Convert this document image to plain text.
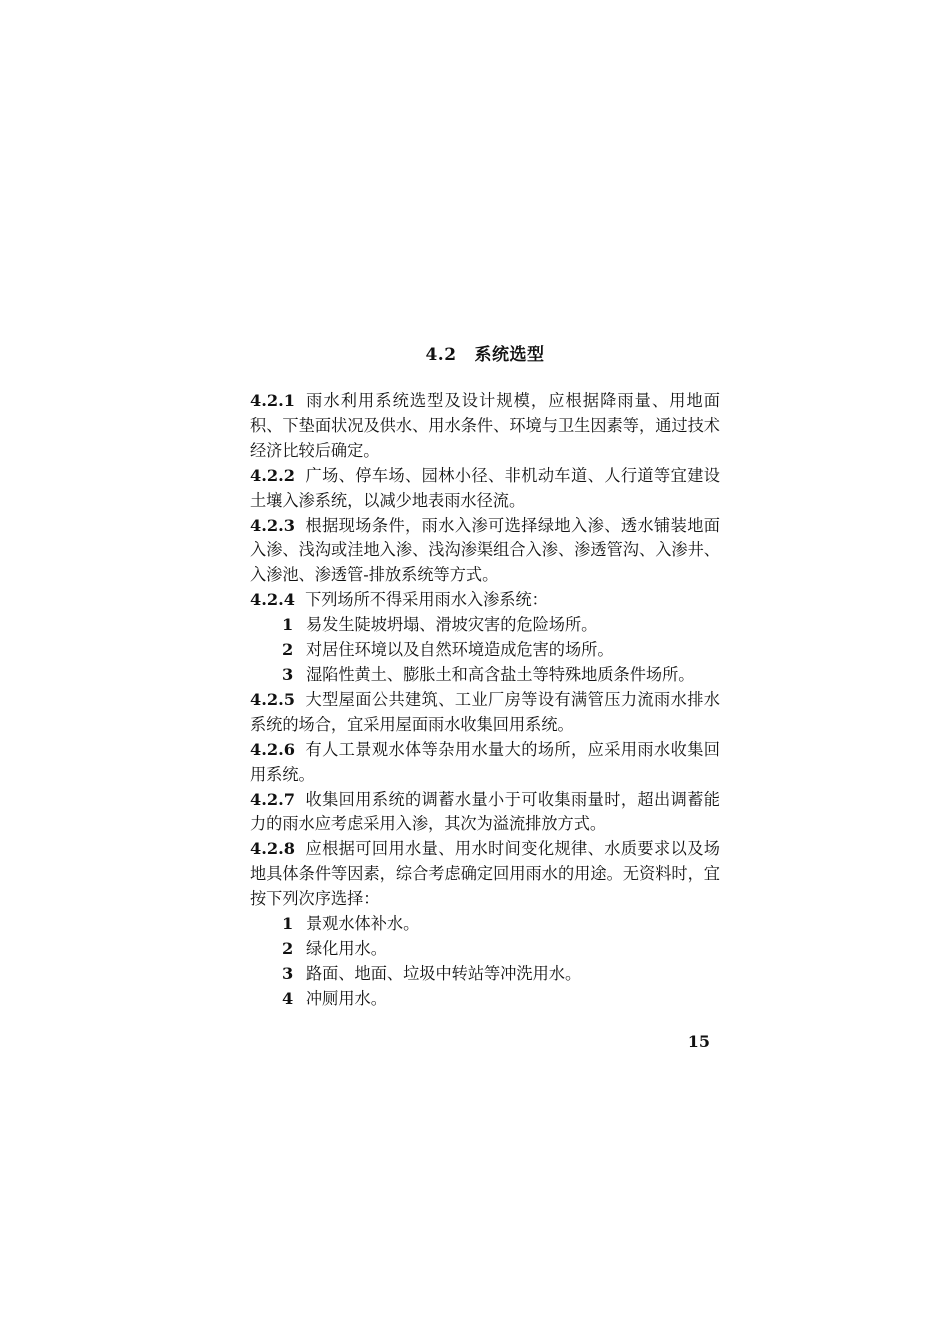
4.2 系统选型

4.2.1 雨水利用系统选型及设计规模，应根据降雨量、用地面积、下垫面状况及供水、用水条件、环境与卫生因素等，通过技术经济比较后确定。

4.2.2 广场、停车场、园林小径、非机动车道、人行道等宜建设土壤入渗系统，以减少地表雨水径流。

4.2.3 根据现场条件，雨水入渗可选择绿地入渗、透水铺装地面入渗、浅沟或洼地入渗、浅沟渗渠组合入渗、渗透管沟、入渗井、入渗池、渗透管-排放系统等方式。

4.2.4 下列场所不得采用雨水入渗系统：

1 易发生陡坡坍塌、滑坡灾害的危险场所。

2 对居住环境以及自然环境造成危害的场所。

3 湿陷性黄土、膨胀土和高含盐土等特殊地质条件场所。

4.2.5 大型屋面公共建筑、工业厂房等设有满管压力流雨水排水系统的场合，宜采用屋面雨水收集回用系统。

4.2.6 有人工景观水体等杂用水量大的场所，应采用雨水收集回用系统。

4.2.7 收集回用系统的调蓄水量小于可收集雨量时，超出调蓄能力的雨水应考虑采用入渗，其次为溢流排放方式。

4.2.8 应根据可回用水量、用水时间变化规律、水质要求以及场地具体条件等因素，综合考虑确定回用雨水的用途。无资料时，宜按下列次序选择：

1 景观水体补水。

2 绿化用水。

3 路面、地面、垃圾中转站等冲洗用水。

4 冲厕用水。

15
